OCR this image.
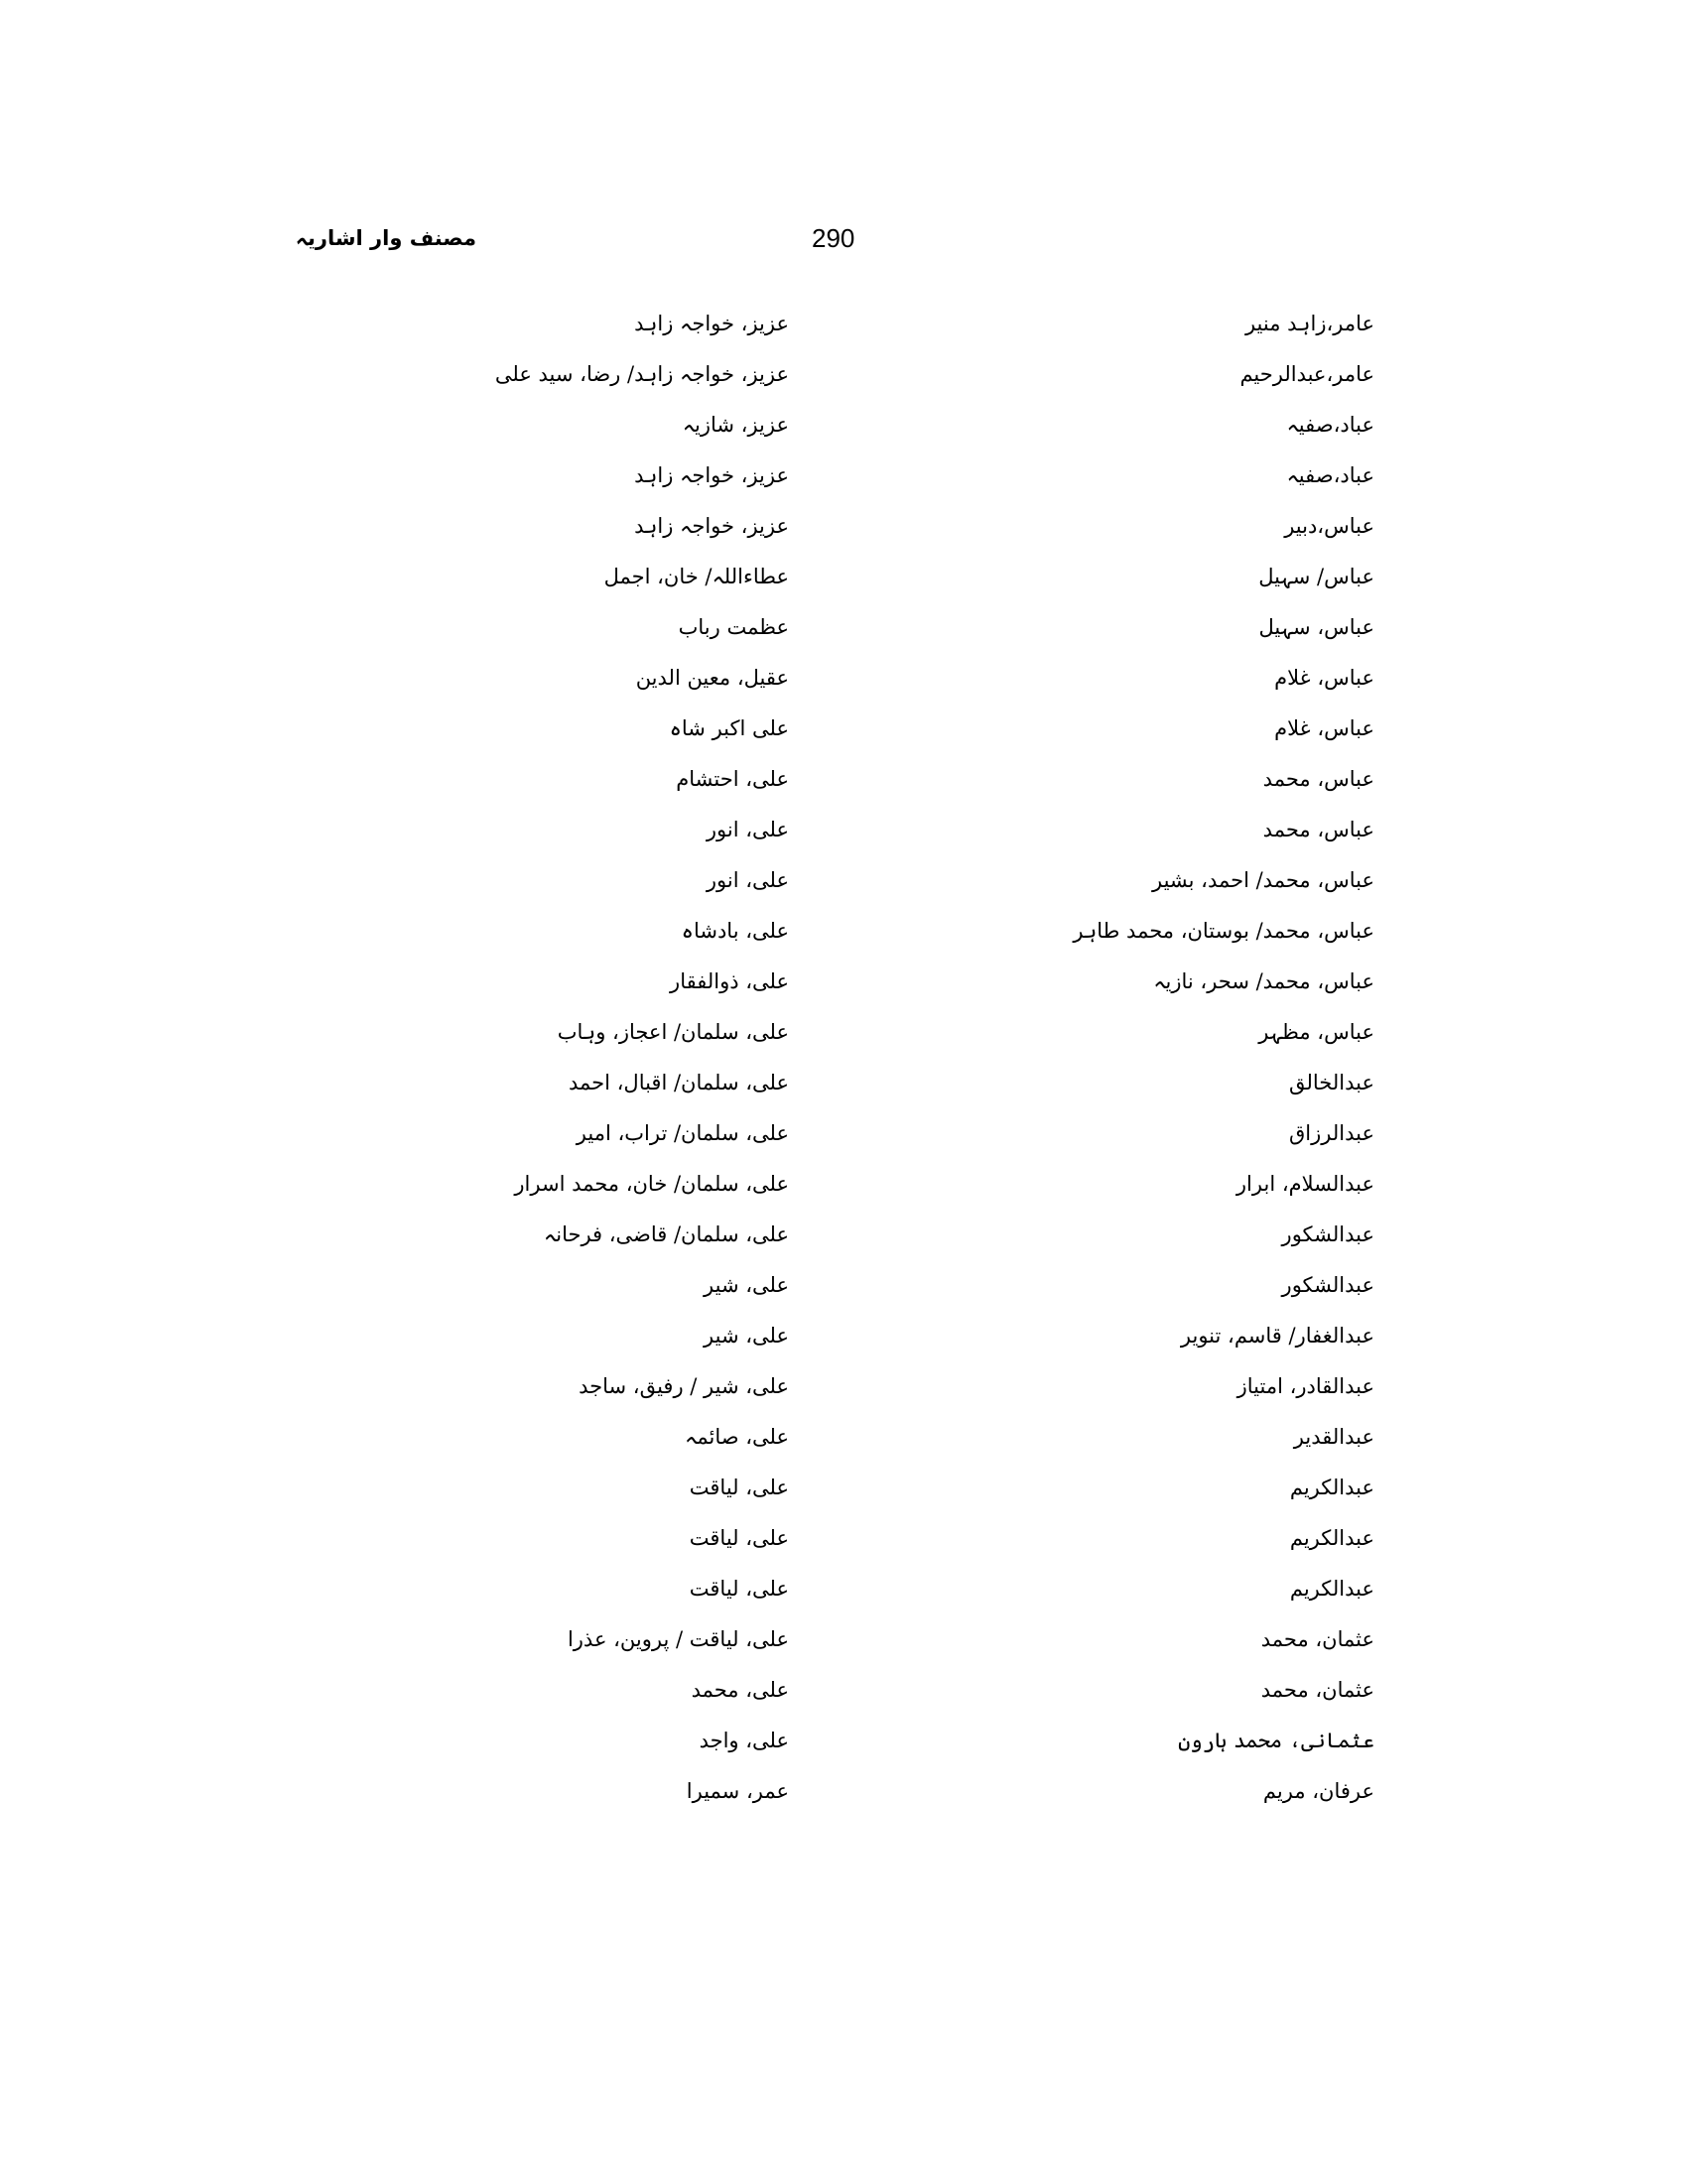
مصنف وار اشاریہ	290
عامر،زاہد منیر
عامر،عبدالرحیم
عباد،صفیہ
عباد،صفیہ
عباس،دبیر
عباس/ سہیل
عباس، سہیل
عباس، غلام
عباس، غلام
عباس، محمد
عباس، محمد
عباس، محمد/ احمد، بشیر
عباس، محمد/ بوستان، محمد طاہر
عباس، محمد/ سحر، نازیہ
عباس، مظہر
عبدالخالق
عبدالرزاق
عبدالسلام، ابرار
عبدالشکور
عبدالشکور
عبدالغفار/ قاسم، تنویر
عبدالقادر، امتیاز
عبدالقدیر
عبدالکریم
عبدالکریم
عبدالکریم
عثمان، محمد
عثمان، محمد
عثمانی، محمد ہارون
عرفان، مریم
عزیز، خواجہ زاہد
عزیز، خواجہ زاہد/ رضا، سید علی
عزیز، شازیہ
عزیز، خواجہ زاہد
عزیز، خواجہ زاہد
عطاءاللہ/ خان، اجمل
عظمت رباب
عقیل، معین الدین
علی اکبر شاہ
علی، احتشام
علی، انور
علی، انور
علی، بادشاہ
علی، ذوالفقار
علی، سلمان/ اعجاز، وہاب
علی، سلمان/ اقبال، احمد
علی، سلمان/ تراب، امیر
علی، سلمان/ خان، محمد اسرار
علی، سلمان/ قاضی، فرحانہ
علی، شیر
علی، شیر
علی، شیر / رفیق، ساجد
علی، صائمہ
علی، لیاقت
علی، لیاقت
علی، لیاقت
علی، لیاقت / پروین، عذرا
علی، محمد
علی، واجد
عمر، سمیرا
